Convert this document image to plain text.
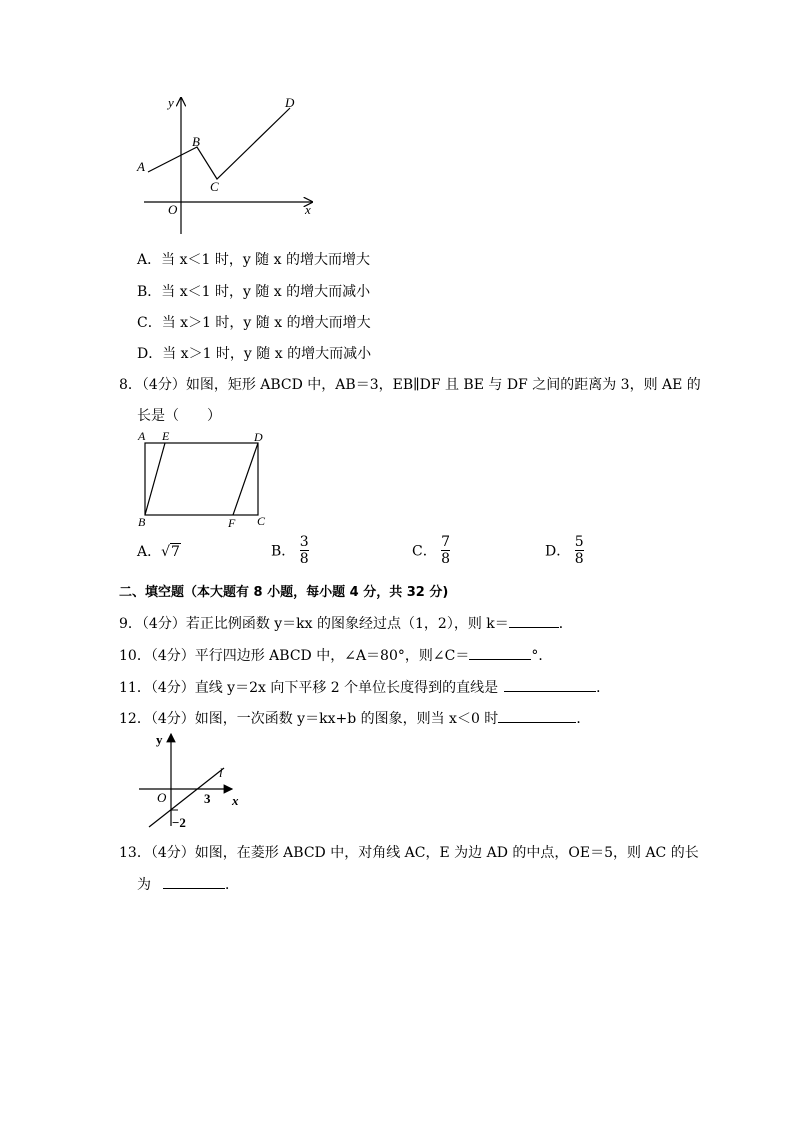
y
x
O
A
B
C
D
A．当 x＜1 时，y 随 x 的增大而增大
B．当 x＜1 时，y 随 x 的增大而减小
C．当 x＞1 时，y 随 x 的增大而增大
D．当 x＞1 时，y 随 x 的增大而减小
8．（4分）如图，矩形 ABCD 中，AB＝3，EB∥DF 且 BE 与 DF 之间的距离为 3，则 AE 的
长是（　　）
A E	D
B	F C
A．√7	B． $\frac{3}{8}$	C． $\frac{7}{8}$	D． $\frac{5}{8}$
二、填空题（本大题有 8 小题，每小题 4 分，共 32 分)
9．（4分）若正比例函数 y＝kx 的图象经过点（1，2），则 k＝	．
10．（4分）平行四边形 ABCD 中，∠A＝80°，则∠C＝	°．
11．（4分）直线 y＝2x 向下平移 2 个单位长度得到的直线是	．
12．（4分）如图，一次函数 y＝kx+b 的图象，则当 x＜0 时	．
y
x
O
l
3
−2
13．（4分）如图，在菱形 ABCD 中，对角线 AC，E 为边 AD 的中点，OE＝5，则 AC 的长
为	．
